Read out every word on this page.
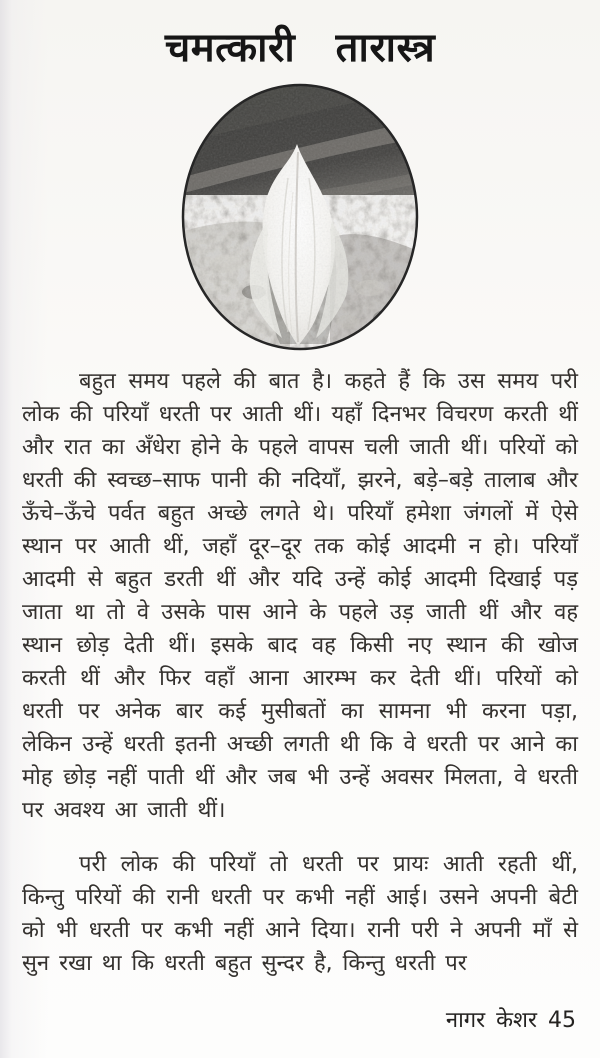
चमत्कारी तारास्त्र

बहुत समय पहले की बात है। कहते हैं कि उस समय परी लोक की परियाँ धरती पर आती थीं। यहाँ दिनभर विचरण करती थीं और रात का अँधेरा होने के पहले वापस चली जाती थीं। परियों को धरती की स्वच्छ–साफ पानी की नदियाँ, झरने, बड़े–बड़े तालाब और ऊँचे–ऊँचे पर्वत बहुत अच्छे लगते थे। परियाँ हमेशा जंगलों में ऐसे स्थान पर आती थीं, जहाँ दूर–दूर तक कोई आदमी न हो। परियाँ आदमी से बहुत डरती थीं और यदि उन्हें कोई आदमी दिखाई पड़ जाता था तो वे उसके पास आने के पहले उड़ जाती थीं और वह स्थान छोड़ देती थीं। इसके बाद वह किसी नए स्थान की खोज करती थीं और फिर वहाँ आना आरम्भ कर देती थीं। परियों को धरती पर अनेक बार कई मुसीबतों का सामना भी करना पड़ा, लेकिन उन्हें धरती इतनी अच्छी लगती थी कि वे धरती पर आने का मोह छोड़ नहीं पाती थीं और जब भी उन्हें अवसर मिलता, वे धरती पर अवश्य आ जाती थीं।

परी लोक की परियाँ तो धरती पर प्रायः आती रहती थीं, किन्तु परियों की रानी धरती पर कभी नहीं आई। उसने अपनी बेटी को भी धरती पर कभी नहीं आने दिया। रानी परी ने अपनी माँ से सुन रखा था कि धरती बहुत सुन्दर है, किन्तु धरती पर

नागर केशर 45
